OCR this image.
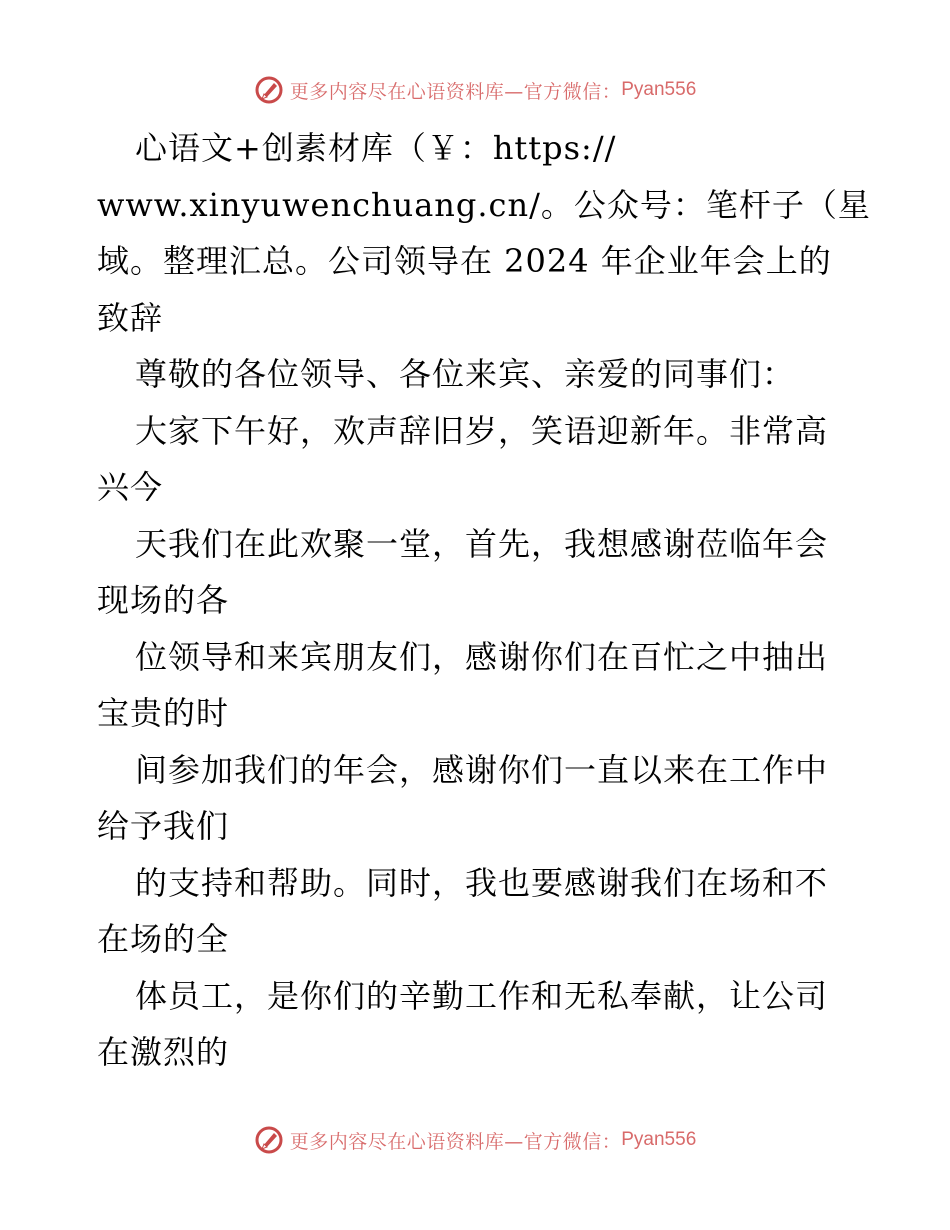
更多内容尽在心语资料库—官方微信： Pyan556
心语文+创素材库（￥：https://
www.xinyuwenchuang.cn/。公众号：笔杆子（星
域。整理汇总。公司领导在 2024 年企业年会上的
致辞
尊敬的各位领导、各位来宾、亲爱的同事们：
大家下午好，欢声辞旧岁，笑语迎新年。非常高
兴今
天我们在此欢聚一堂，首先，我想感谢莅临年会
现场的各
位领导和来宾朋友们，感谢你们在百忙之中抽出
宝贵的时
间参加我们的年会，感谢你们一直以来在工作中
给予我们
的支持和帮助。同时，我也要感谢我们在场和不
在场的全
体员工，是你们的辛勤工作和无私奉献，让公司
在激烈的
更多内容尽在心语资料库—官方微信： Pyan556
